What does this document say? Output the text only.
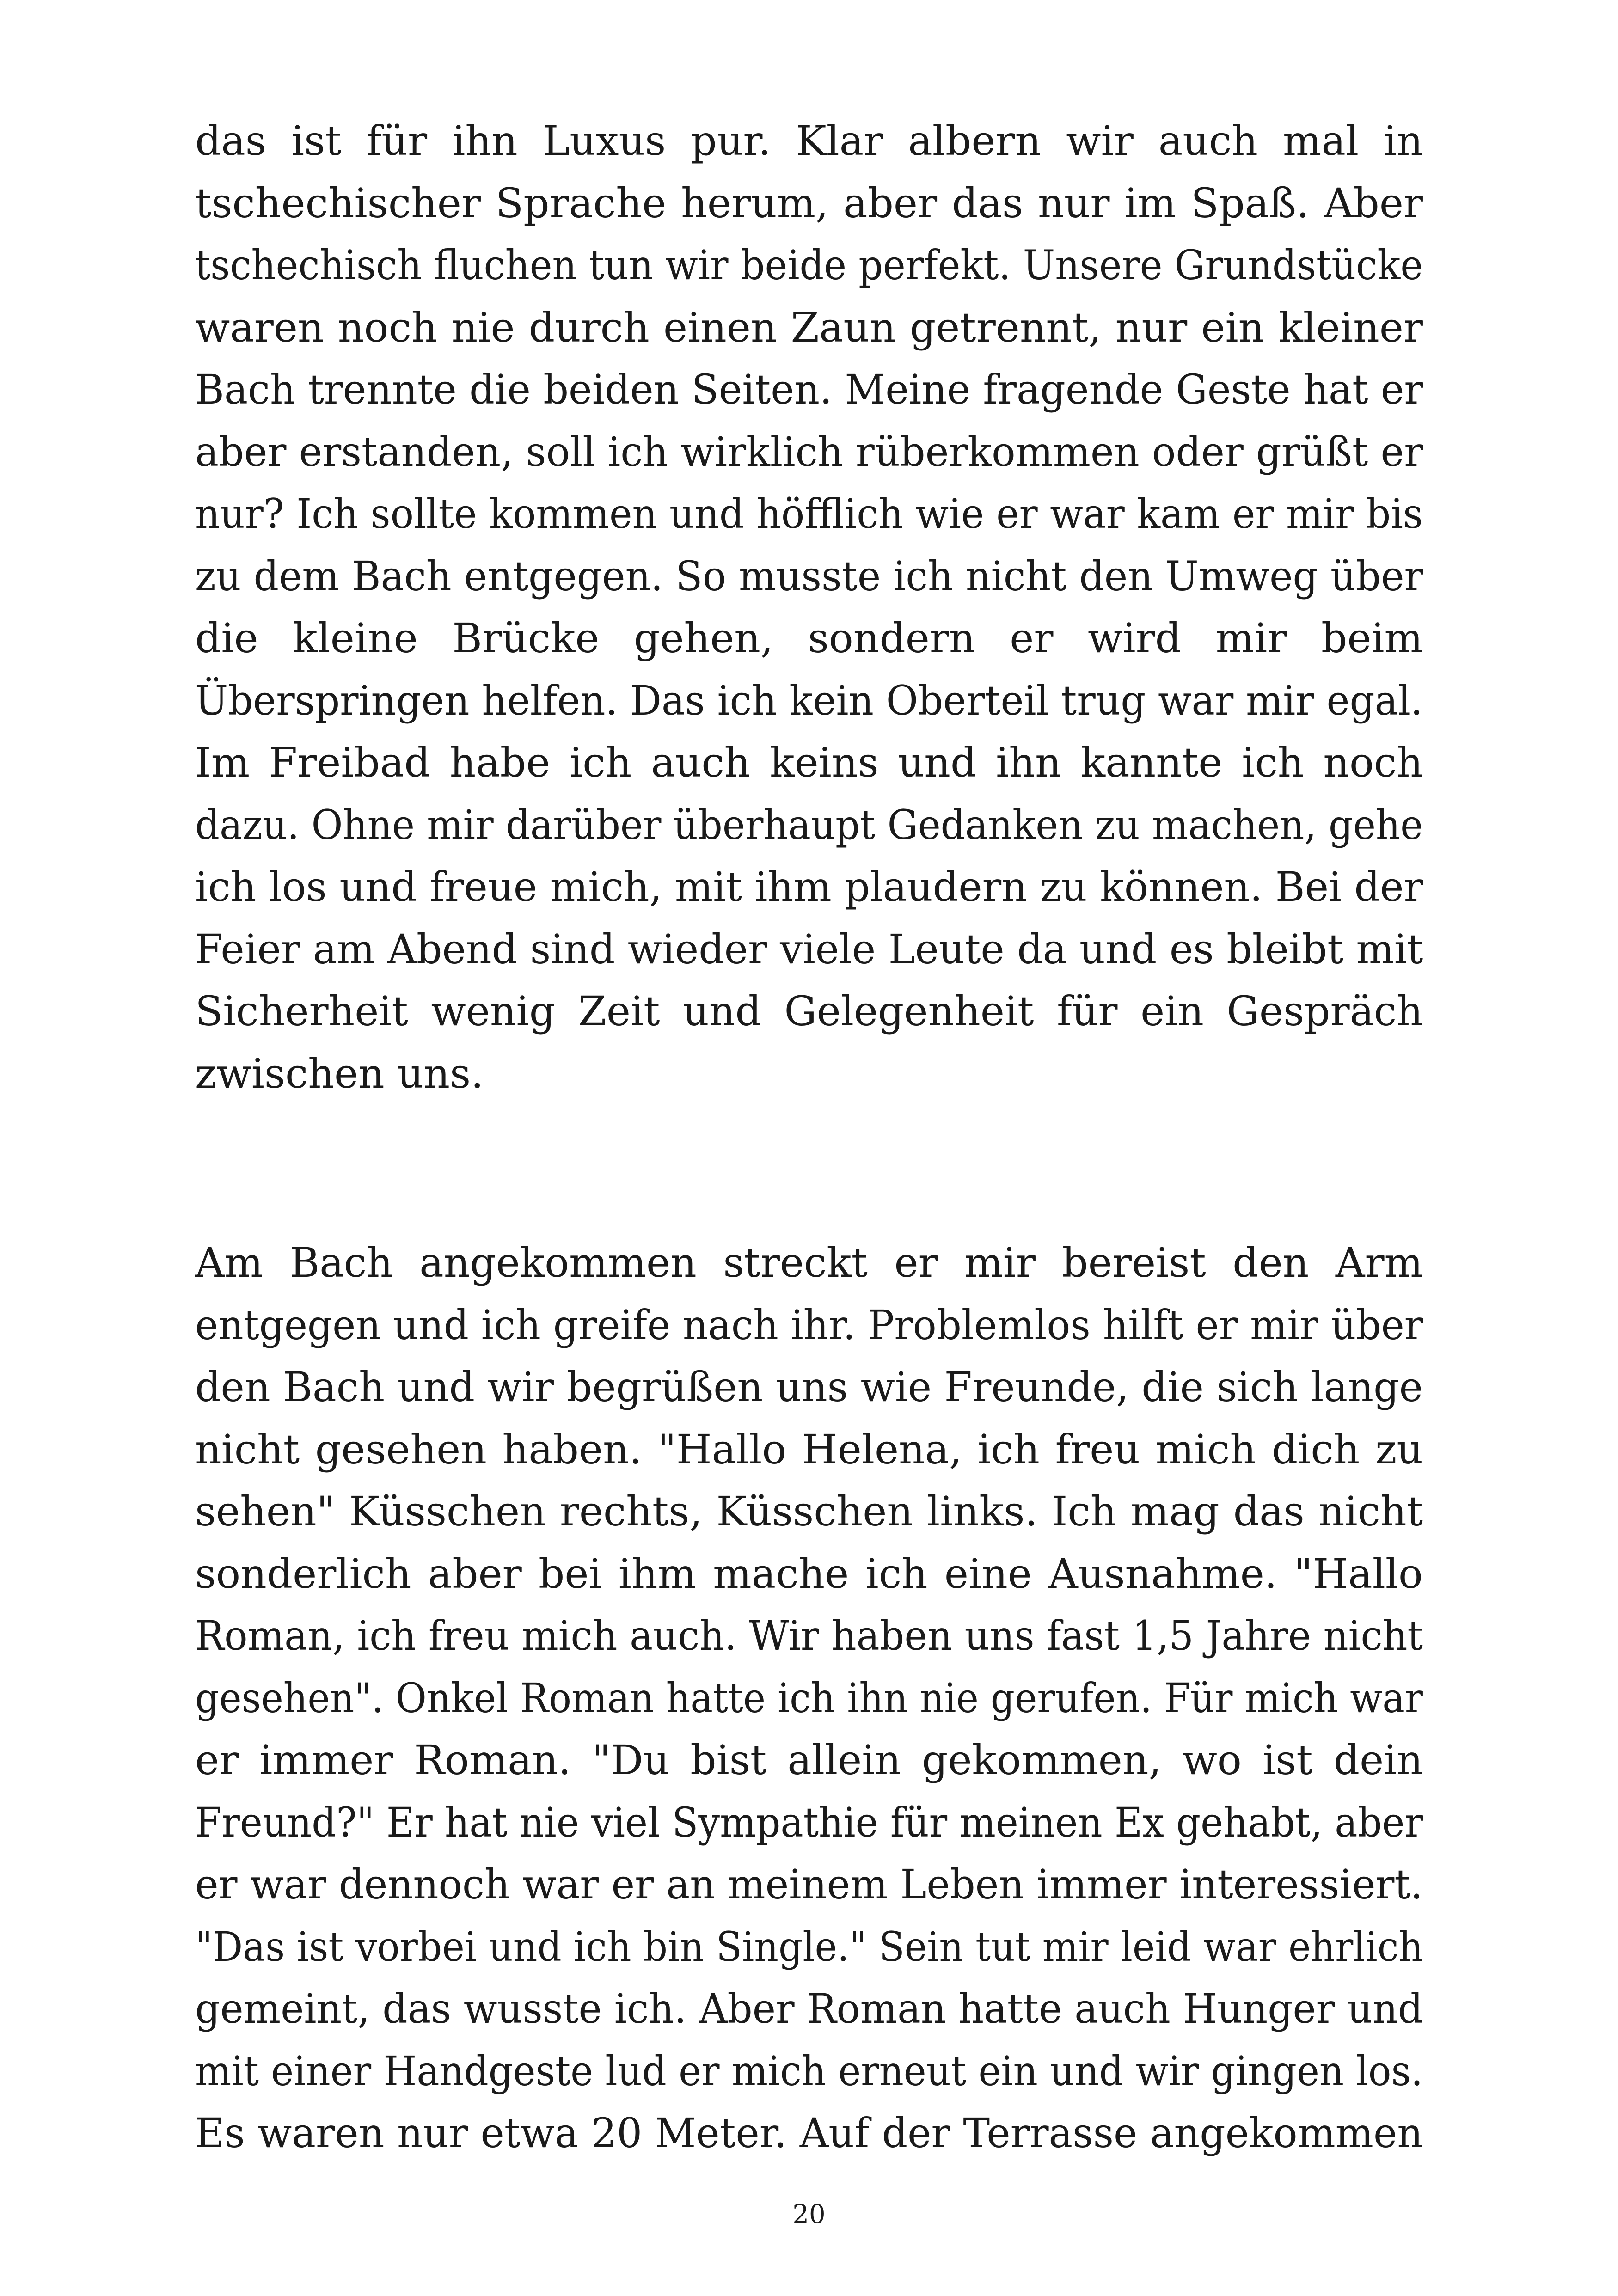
das ist für ihn Luxus pur. Klar albern wir auch mal in
tschechischer Sprache herum, aber das nur im Spaß. Aber
tschechisch fluchen tun wir beide perfekt. Unsere Grundstücke
waren noch nie durch einen Zaun getrennt, nur ein kleiner
Bach trennte die beiden Seiten. Meine fragende Geste hat er
aber erstanden, soll ich wirklich rüberkommen oder grüßt er
nur? Ich sollte kommen und höfflich wie er war kam er mir bis
zu dem Bach entgegen. So musste ich nicht den Umweg über
die kleine Brücke gehen, sondern er wird mir beim
Überspringen helfen. Das ich kein Oberteil trug war mir egal.
Im Freibad habe ich auch keins und ihn kannte ich noch
dazu. Ohne mir darüber überhaupt Gedanken zu machen, gehe
ich los und freue mich, mit ihm plaudern zu können. Bei der
Feier am Abend sind wieder viele Leute da und es bleibt mit
Sicherheit wenig Zeit und Gelegenheit für ein Gespräch
zwischen uns.
Am Bach angekommen streckt er mir bereist den Arm
entgegen und ich greife nach ihr. Problemlos hilft er mir über
den Bach und wir begrüßen uns wie Freunde, die sich lange
nicht gesehen haben. "Hallo Helena, ich freu mich dich zu
sehen" Küsschen rechts, Küsschen links. Ich mag das nicht
sonderlich aber bei ihm mache ich eine Ausnahme. "Hallo
Roman, ich freu mich auch. Wir haben uns fast 1,5 Jahre nicht
gesehen". Onkel Roman hatte ich ihn nie gerufen. Für mich war
er immer Roman. "Du bist allein gekommen, wo ist dein
Freund?" Er hat nie viel Sympathie für meinen Ex gehabt, aber
er war dennoch war er an meinem Leben immer interessiert.
"Das ist vorbei und ich bin Single." Sein tut mir leid war ehrlich
gemeint, das wusste ich. Aber Roman hatte auch Hunger und
mit einer Handgeste lud er mich erneut ein und wir gingen los.
Es waren nur etwa 20 Meter. Auf der Terrasse angekommen
20
